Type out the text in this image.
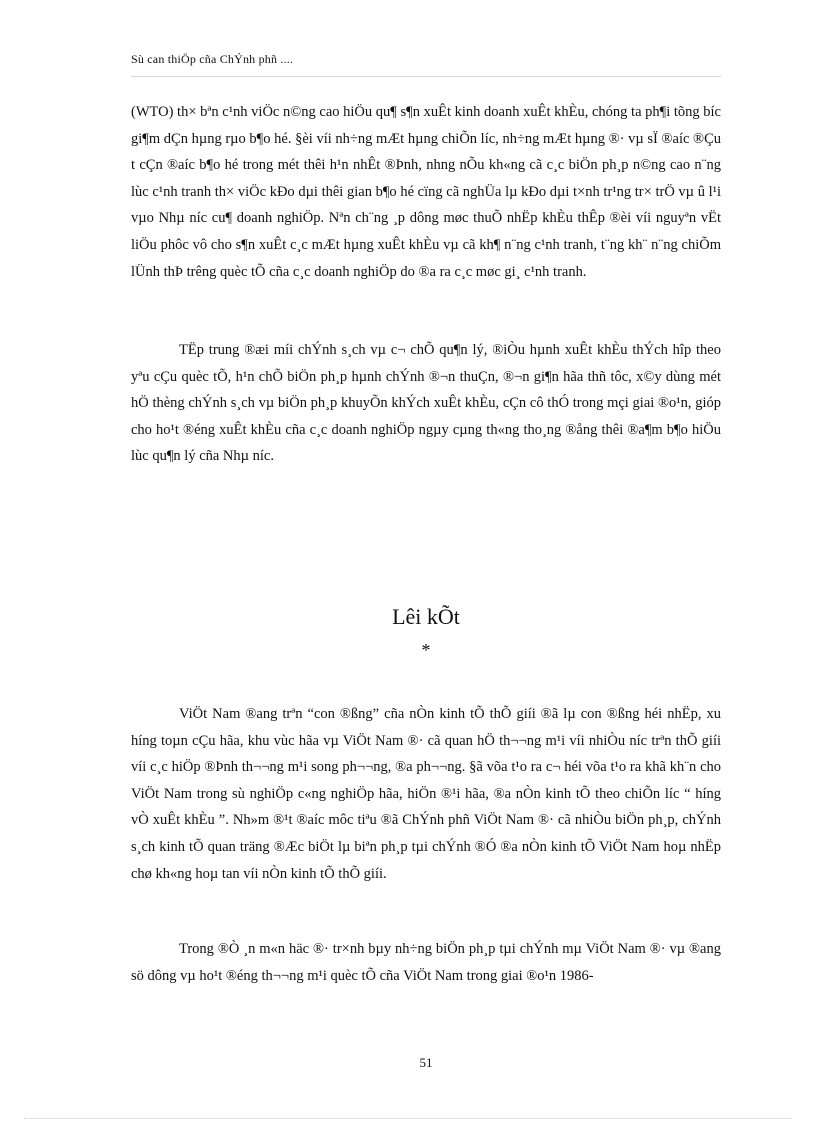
Sù can thiÖp cña ChÝnh phñ ....

(WTO) th× bªn c¹nh viÖc n©ng cao hiÖu qu¶ s¶n xuÊt kinh doanh xuÊt khÈu, chóng ta ph¶i tõng bíc gi¶m dÇn hµng rµo b¶o hé. §èi víi nh÷ng mÆt hµng chiÕn líc, nh÷ng mÆt hµng ®· vµ sÏ ®aíc ®Çu t cÇn ®aíc b¶o hé trong mét thêi h¹n nhÊt ®Þnh, nhng nÕu kh«ng cã c¸c biÖn ph¸p n©ng cao n¨ng lùc c¹nh tranh th× viÖc kÐo dµi thêi gian b¶o hé cïng cã nghÜa lµ kÐo dµi t×nh tr¹ng tr× trÖ vµ û l¹i vµo Nhµ níc cu¶ doanh nghiÖp. Nªn ch¨ng ¸p dông møc thuÕ nhËp khÈu thÊp ®èi víi nguyªn vËt liÖu phôc vô cho s¶n xuÊt c¸c mÆt hµng xuÊt khÈu vµ cã kh¶ n¨ng c¹nh tranh, t¨ng kh¨ n¨ng chiÕm lÜnh thÞ trêng quèc tÕ cña c¸c doanh nghiÖp do ®a ra c¸c møc gi¸ c¹nh tranh.

TËp trung ®æi míi chÝnh s¸ch vµ c¬ chÕ qu¶n lý, ®iÒu hµnh xuÊt khÈu thÝch hîp theo yªu cÇu quèc tÕ, h¹n chÕ biÖn ph¸p hµnh chÝnh ®¬n thuÇn, ®¬n gi¶n hãa thñ tôc, x©y dùng mét hÖ thèng chÝnh s¸ch vµ biÖn ph¸p khuyÕn khÝch xuÊt khÈu, cÇn cô thÓ trong mçi giai ®o¹n, gióp cho ho¹t ®éng xuÊt khÈu cña c¸c doanh nghiÖp ngµy cµng th«ng tho¸ng ®ång thêi ®a¶m b¶o hiÖu lùc qu¶n lý cña Nhµ níc.

Lêi kÕt
*

ViÖt Nam ®ang trªn “con ®ßng” cña nÒn kinh tÕ thÕ giíi ®ã lµ con ®ßng héi nhËp, xu híng toµn cÇu hãa, khu vùc hãa vµ ViÖt Nam ®· cã quan hÖ th¬¬ng m¹i víi nhiÒu níc trªn thÕ giíi víi c¸c hiÖp ®Þnh th¬¬ng m¹i song ph¬¬ng, ®a ph¬¬ng. §ã võa t¹o ra c¬ héi võa t¹o ra khã kh¨n cho ViÖt Nam trong sù nghiÖp c«ng nghiÖp hãa, hiÖn ®¹i hãa, ®a nÒn kinh tÕ theo chiÕn líc “ híng vÒ xuÊt khÈu ”. Nh»m ®¹t ®aíc môc tiªu ®ã ChÝnh phñ ViÖt Nam ®· cã nhiÒu biÖn ph¸p, chÝnh s¸ch kinh tÕ quan träng ®Æc biÖt lµ biªn ph¸p tµi chÝnh ®Ó ®a nÒn kinh tÕ ViÖt Nam hoµ nhËp chø kh«ng hoµ tan víi nÒn kinh tÕ thÕ giíi.

Trong ®Ò ¸n m«n häc ®· tr×nh bµy nh÷ng biÖn ph¸p tµi chÝnh mµ ViÖt Nam ®· vµ ®ang sö dông vµ ho¹t ®éng th¬¬ng m¹i quèc tÕ cña ViÖt Nam trong giai ®o¹n 1986-

51
